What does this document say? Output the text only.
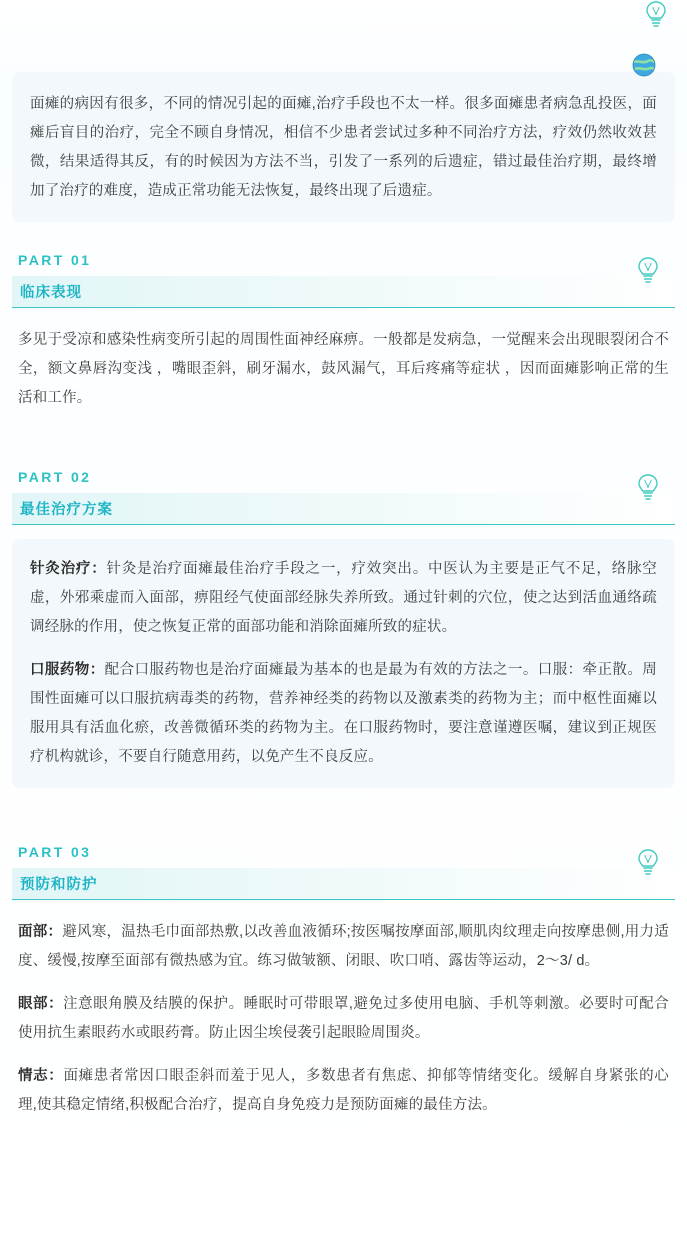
面瘫的病因有很多，不同的情况引起的面瘫,治疗手段也不太一样。很多面瘫患者病急乱投医，面瘫后盲目的治疗，完全不顾自身情况，相信不少患者尝试过多种不同治疗方法，疗效仍然收效甚微，结果适得其反，有的时候因为方法不当，引发了一系列的后遗症，错过最佳治疗期，最终增加了治疗的难度，造成正常功能无法恢复，最终出现了后遗症。

PART 01
临床表现

多见于受凉和感染性病变所引起的周围性面神经麻痹。一般都是发病急，一觉醒来会出现眼裂闭合不全，额文鼻唇沟变浅 ，嘴眼歪斜，刷牙漏水，鼓风漏气，耳后疼痛等症状 ，因而面瘫影响正常的生活和工作。

PART 02
最佳治疗方案

针灸治疗：针灸是治疗面瘫最佳治疗手段之一，疗效突出。中医认为主要是正气不足，络脉空虚，外邪乘虚而入面部，痹阻经气使面部经脉失养所致。通过针刺的穴位，使之达到活血通络疏调经脉的作用，使之恢复正常的面部功能和消除面瘫所致的症状。

口服药物：配合口服药物也是治疗面瘫最为基本的也是最为有效的方法之一。口服：牵正散。周围性面瘫可以口服抗病毒类的药物，营养神经类的药物以及激素类的药物为主；而中枢性面瘫以服用具有活血化瘀，改善微循环类的药物为主。在口服药物时，要注意谨遵医嘱，建议到正规医疗机构就诊，不要自行随意用药，以免产生不良反应。

PART 03
预防和防护

面部：避风寒，温热毛巾面部热敷,以改善血液循环;按医嘱按摩面部,顺肌肉纹理走向按摩患侧,用力适度、缓慢,按摩至面部有微热感为宜。练习做皱额、闭眼、吹口哨、露齿等运动，2～3/ d。

眼部：注意眼角膜及结膜的保护。睡眠时可带眼罩,避免过多使用电脑、手机等刺激。必要时可配合使用抗生素眼药水或眼药膏。防止因尘埃侵袭引起眼睑周围炎。

情志：面瘫患者常因口眼歪斜而羞于见人，多数患者有焦虑、抑郁等情绪变化。缓解自身紧张的心理,使其稳定情绪,积极配合治疗，提高自身免疫力是预防面瘫的最佳方法。
